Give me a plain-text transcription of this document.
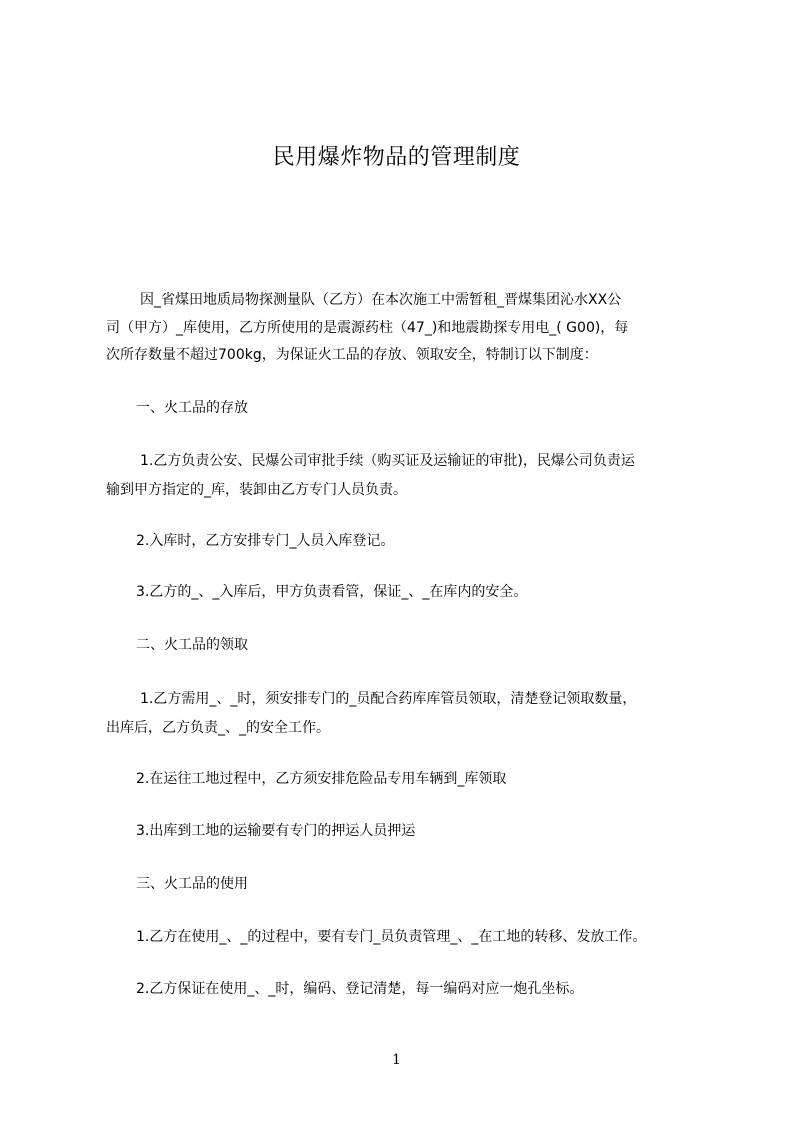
民用爆炸物品的管理制度
因_省煤田地质局物探测量队（乙方）在本次施工中需暂租_晋煤集团沁水XX公
司（甲方）_库使用，乙方所使用的是震源药柱（47_)和地震勘探专用电_( G00)，每
次所存数量不超过700kg，为保证火工品的存放、领取安全，特制订以下制度：
一、火工品的存放
1.乙方负责公安、民爆公司审批手续（购买证及运输证的审批)，民爆公司负责运
输到甲方指定的_库，装卸由乙方专门人员负责。
2.入库时，乙方安排专门_人员入库登记。
3.乙方的_、_入库后，甲方负责看管，保证_、_在库内的安全。
二、火工品的领取
1.乙方需用_、_时，须安排专门的_员配合药库库管员领取，清楚登记领取数量，
出库后，乙方负责_、_的安全工作。
2.在运往工地过程中，乙方须安排危险品专用车辆到_库领取
3.出库到工地的运输要有专门的押运人员押运
三、火工品的使用
1.乙方在使用_、_的过程中，要有专门_员负责管理_、_在工地的转移、发放工作。
2.乙方保证在使用_、_时，编码、登记清楚，每一编码对应一炮孔坐标。
1
